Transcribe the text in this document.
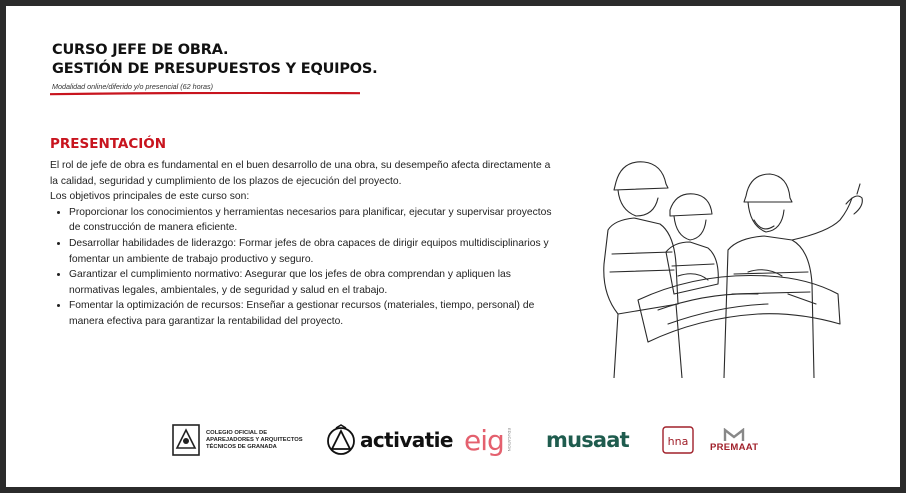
CURSO JEFE DE OBRA.
GESTIÓN DE PRESUPUESTOS Y EQUIPOS.
Modalidad online/diferido y/o presencial (62 horas)
PRESENTACIÓN

El rol de jefe de obra es fundamental en el buen desarrollo de una obra, su desempeño afecta directamente a la calidad, seguridad y cumplimiento de los plazos de ejecución del proyecto.

Los objetivos principales de este curso son:

• Proporcionar los conocimientos y herramientas necesarios para planificar, ejecutar y supervisar proyectos de construcción de manera eficiente.
• Desarrollar habilidades de liderazgo: Formar jefes de obra capaces de dirigir equipos multidisciplinarios y fomentar un ambiente de trabajo productivo y seguro.
• Garantizar el cumplimiento normativo: Asegurar que los jefes de obra comprendan y apliquen las normativas legales, ambientales, y de seguridad y salud en el trabajo.
• Fomentar la optimización de recursos: Enseñar a gestionar recursos (materiales, tiempo, personal) de manera efectiva para garantizar la rentabilidad del proyecto.
COLEGIO OFICIAL DE
APAREJADORES Y ARQUITECTOS
TÉCNICOS DE GRANADA	activatie eig EDUCATION musaat	hna PREMAAT
